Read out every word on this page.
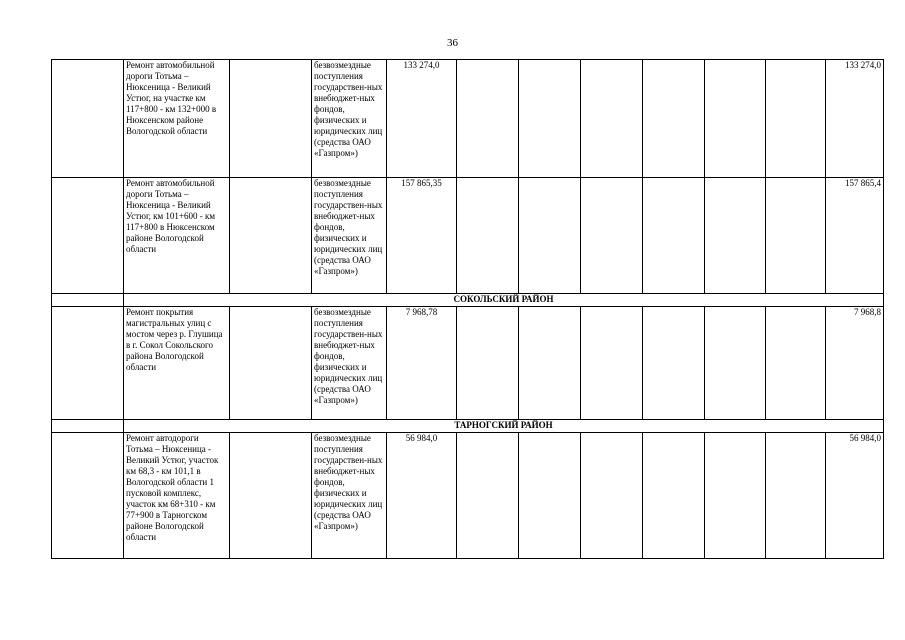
36
	Ремонт автомобильной дороги Тотьма – Нюксеница - Великий Устюг, на участке км 117+800 - км 132+000 в Нюксенском районе Вологодской области		безвозмездные поступления государствен-ных внебюджет-ных фондов, физических и юридических лиц (средства ОАО «Газпром»)	133 274,0							133 274,0
	Ремонт автомобильной дороги Тотьма – Нюксеница - Великий Устюг, км 101+600 - км 117+800 в Нюксенском районе Вологодской области		безвозмездные поступления государствен-ных внебюджет-ных фондов, физических и юридических лиц (средства ОАО «Газпром»)	157 865,35							157 865,4
	СОКОЛЬСКИЙ РАЙОН										
	Ремонт покрытия магистральных улиц с мостом через р. Глушица в г. Сокол Сокольского района Вологодской области		безвозмездные поступления государствен-ных внебюджет-ных фондов, физических и юридических лиц (средства ОАО «Газпром»)	7 968,78							7 968,8
	ТАРНОГСКИЙ РАЙОН										
	Ремонт автодороги Тотьма – Нюксеница - Великий Устюг, участок км 68,3 - км 101,1 в Вологодской области 1 пусковой комплекс, участок км 68+310 - км 77+900 в Тарногском районе Вологодской области		безвозмездные поступления государствен-ных внебюджет-ных фондов, физических и юридических лиц (средства ОАО «Газпром»)	56 984,0							56 984,0
